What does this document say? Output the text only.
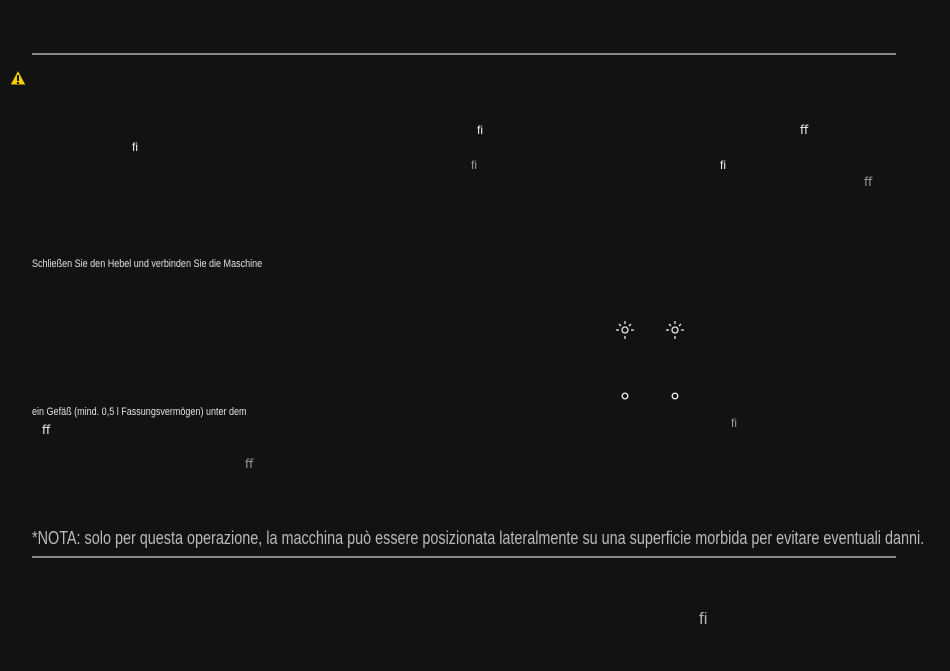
ﬁ	ﬀ
ﬁ
ﬁ	ﬁ
ﬀ
Schließen Sie den Hebel und verbinden Sie die Maschine
ein Gefäß (mind. 0,5 l Fassungsvermögen) unter dem
ﬀ	ﬁ
ﬀ
*NOTA: solo per questa operazione, la macchina può essere posizionata lateralmente su una superficie morbida per evitare eventuali danni.
ﬁ
